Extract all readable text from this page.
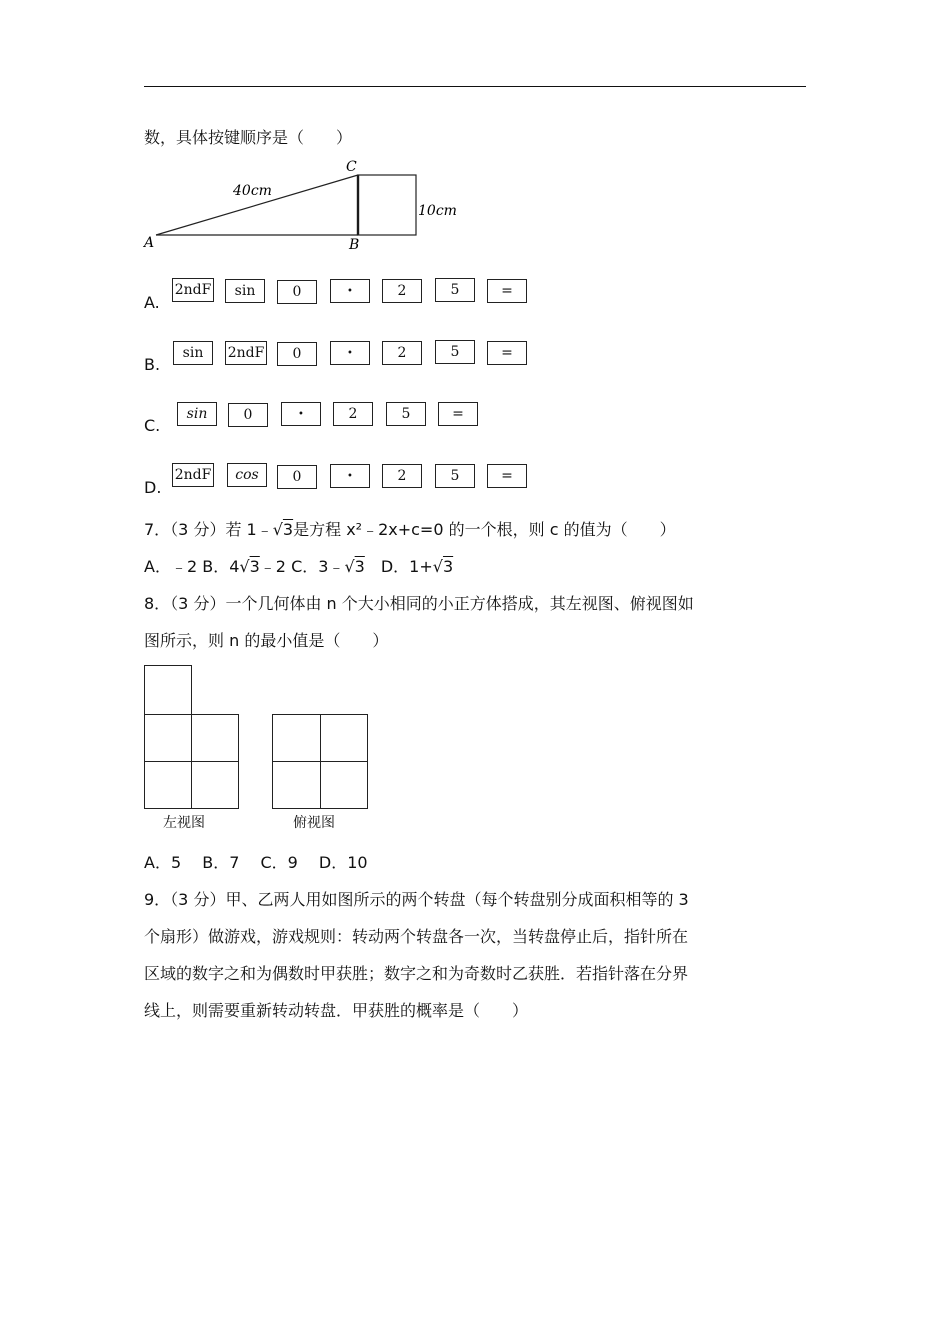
数，具体按键顺序是（　　）
A	B
C
40cm
10cm
A.
2ndF	sin	0	•	2	5	=
B.
sin	2ndF	0	•	2	5	=
C.
sin	0	•	2	5	=
D.
2ndF	cos	0	•	2	5	=
7．（3 分）若 1﹣√3是方程 x²﹣2x+c=0 的一个根，则 c 的值为（　　）
A．﹣2 B．4√3﹣2 C．3﹣√3　 D．1+√3
8．（3 分）一个几何体由 n 个大小相同的小正方体搭成，其左视图、俯视图如
图所示，则 n 的最小值是（　　）
左视图	俯视图
A．5　 B．7　 C．9　 D．10
9．（3 分）甲、乙两人用如图所示的两个转盘（每个转盘别分成面积相等的 3
个扇形）做游戏，游戏规则：转动两个转盘各一次，当转盘停止后，指针所在
区域的数字之和为偶数时甲获胜；数字之和为奇数时乙获胜．若指针落在分界
线上，则需要重新转动转盘．甲获胜的概率是（　　）
